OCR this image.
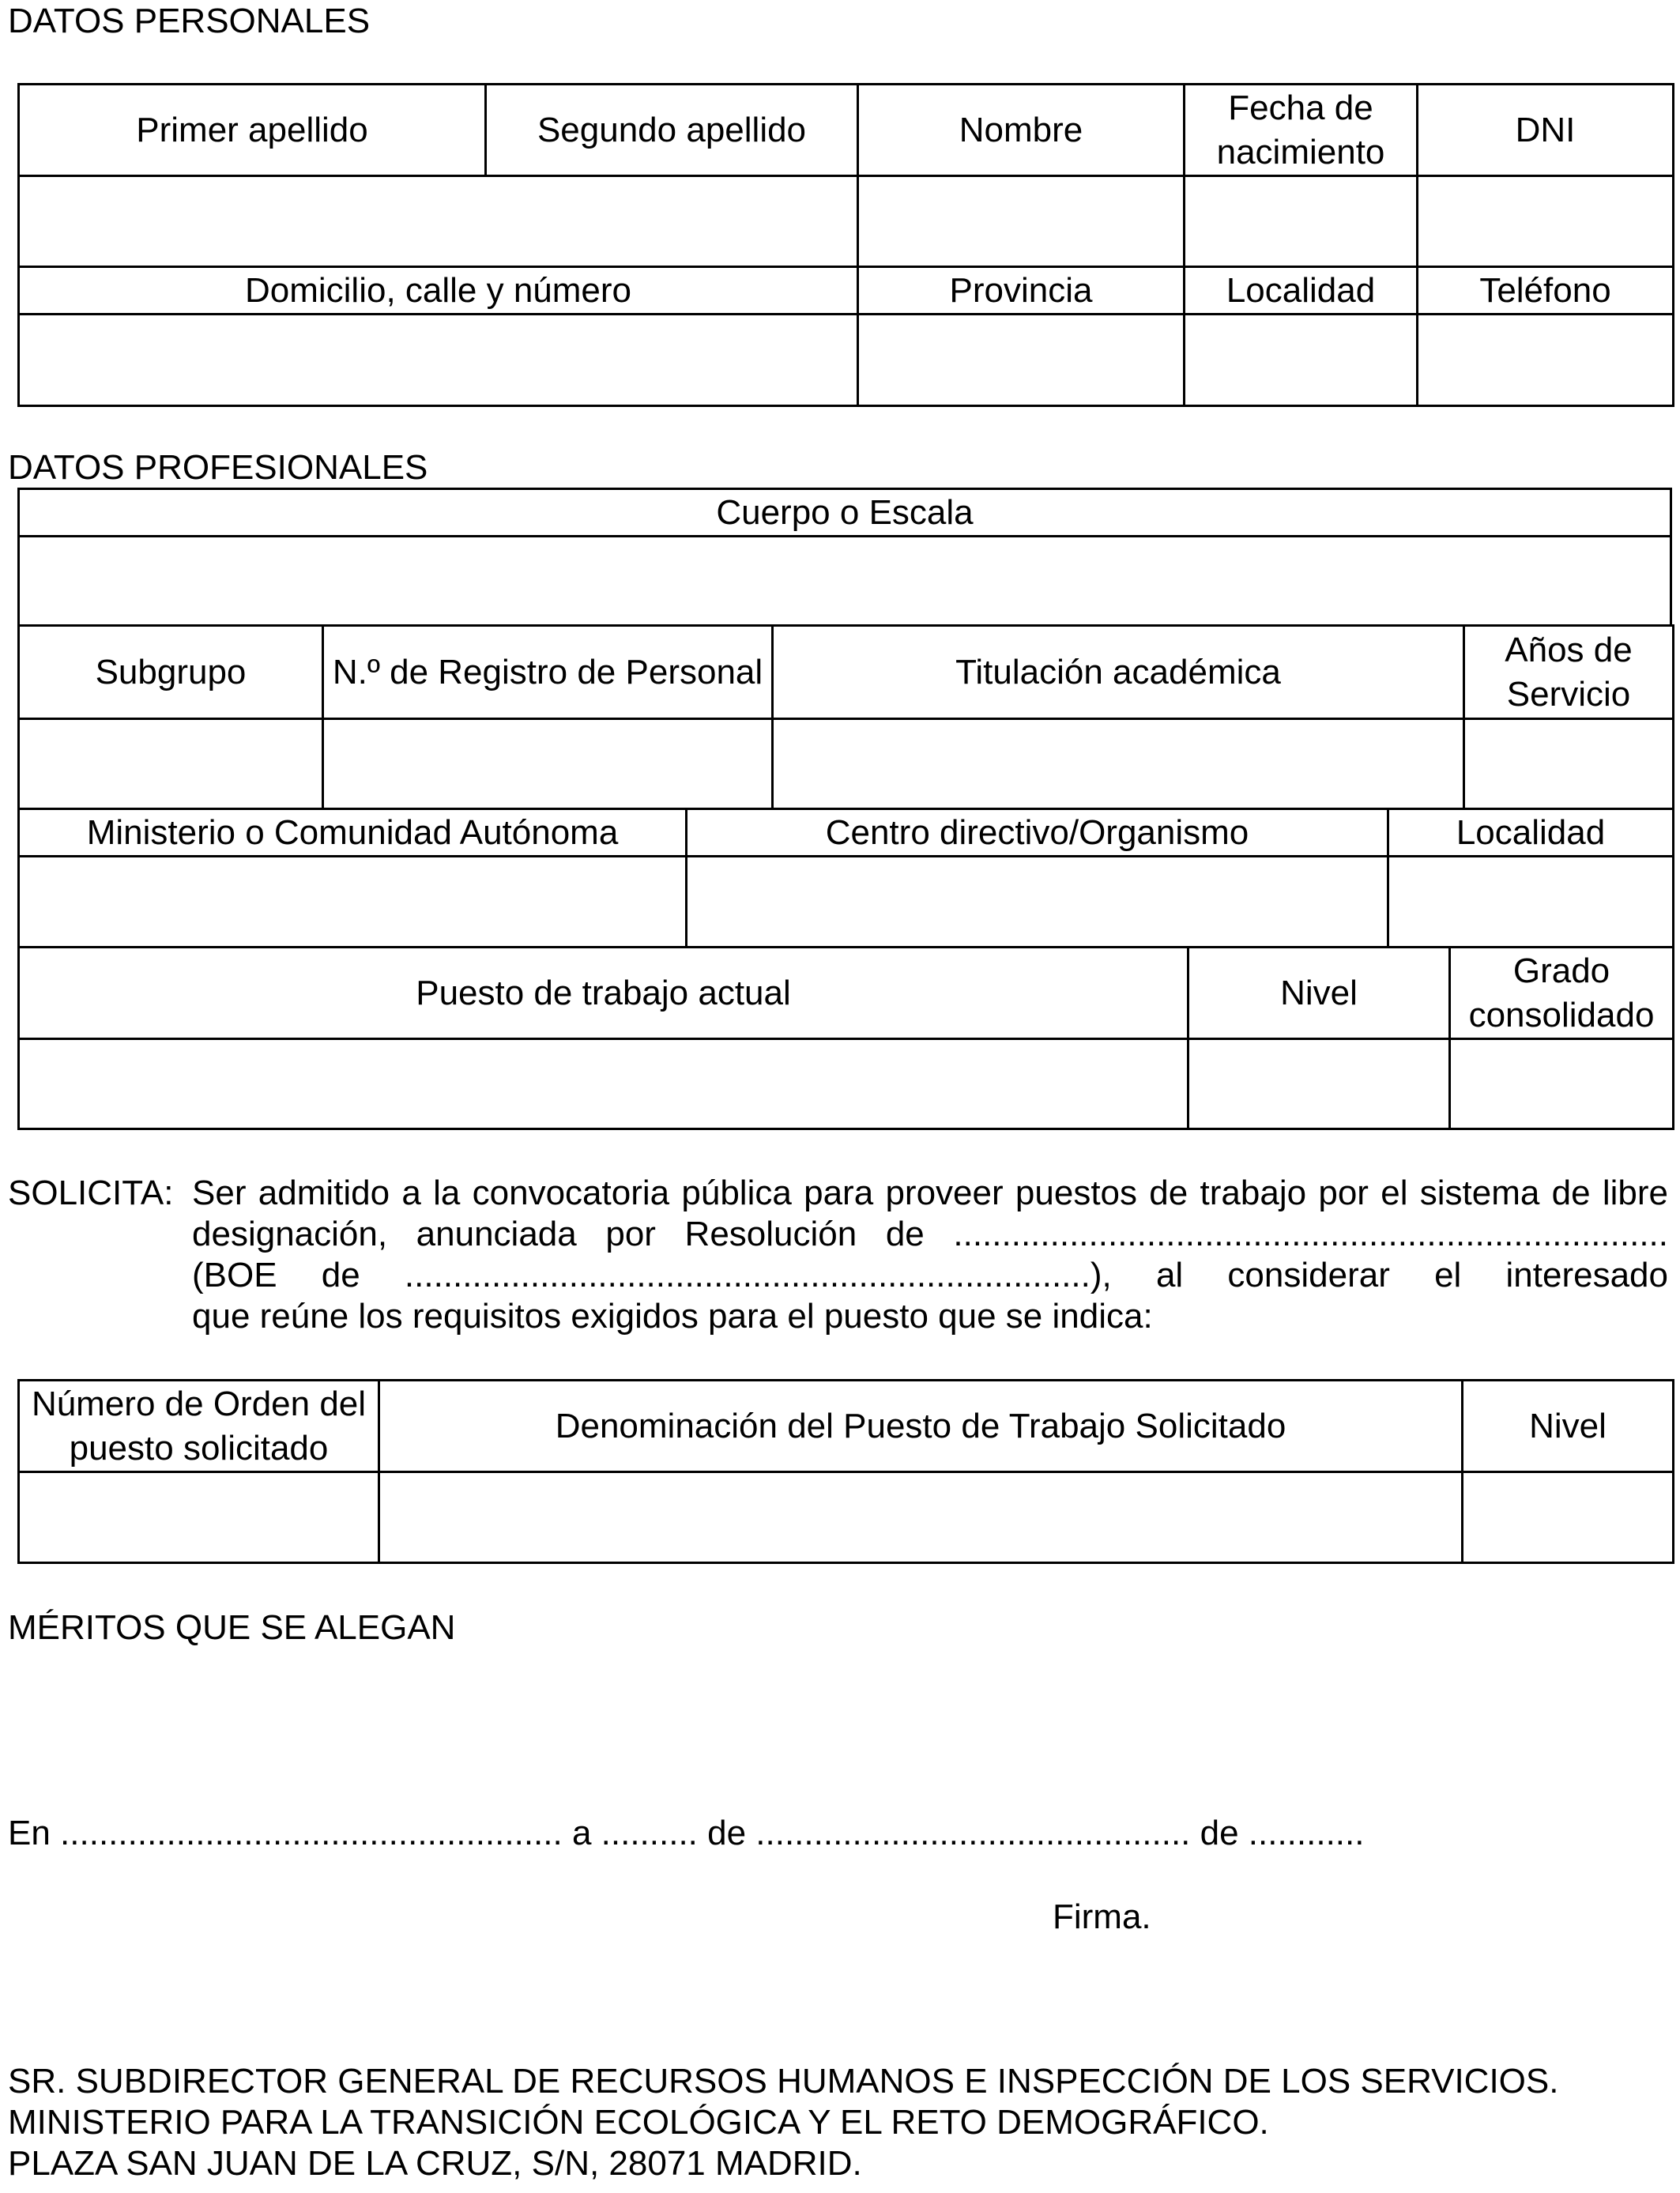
DATOS PERSONALES
Primer apellido	Segundo apellido	Nombre	Fecha de nacimiento	DNI

Domicilio, calle y número		Provincia	Localidad	Teléfono

DATOS PROFESIONALES
Cuerpo o Escala

Subgrupo	N.º de Registro de Personal	Titulación académica	Años de Servicio

Ministerio o Comunidad Autónoma	Centro directivo/Organismo	Localidad

Puesto de trabajo actual	Nivel	Grado consolidado

SOLICITA: Ser admitido a la convocatoria pública para proveer puestos de trabajo por el sistema de libre
designación, anunciada por Resolución de ..........................................................................
(BOE de .......................................................................), al considerar el interesado
que reúne los requisitos exigidos para el puesto que se indica:
Número de Orden del puesto solicitado	Denominación del Puesto de Trabajo Solicitado	Nivel

MÉRITOS QUE SE ALEGAN
En .................................................... a .......... de ............................................. de ............
Firma.
SR. SUBDIRECTOR GENERAL DE RECURSOS HUMANOS E INSPECCIÓN DE LOS SERVICIOS.
MINISTERIO PARA LA TRANSICIÓN ECOLÓGICA Y EL RETO DEMOGRÁFICO.
PLAZA SAN JUAN DE LA CRUZ, S/N, 28071 MADRID.
